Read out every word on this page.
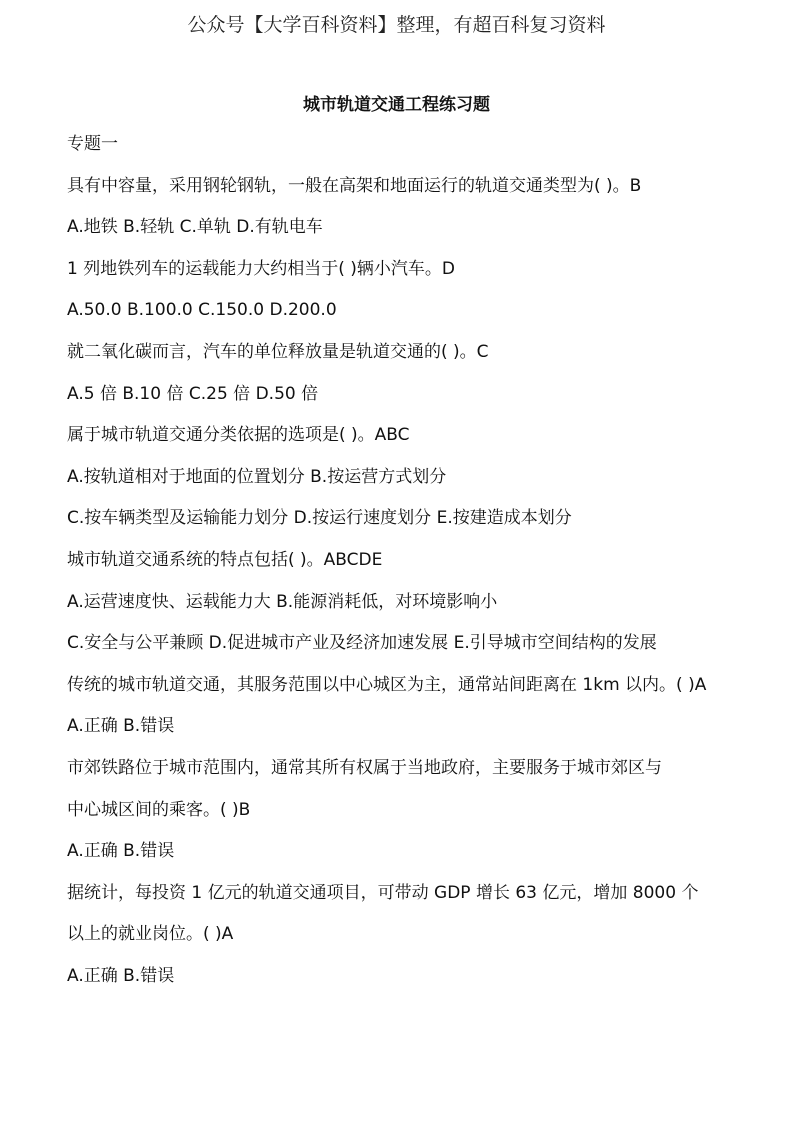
公众号【大学百科资料】整理，有超百科复习资料
城市轨道交通工程练习题
专题一
具有中容量，采用钢轮钢轨，一般在高架和地面运行的轨道交通类型为( )。B
A.地铁 B.轻轨 C.单轨 D.有轨电车
1 列地铁列车的运载能力大约相当于( )辆小汽车。D
A.50.0 B.100.0 C.150.0 D.200.0
就二氧化碳而言，汽车的单位释放量是轨道交通的( )。C
A.5 倍 B.10 倍 C.25 倍 D.50 倍
属于城市轨道交通分类依据的选项是( )。ABC
A.按轨道相对于地面的位置划分 B.按运营方式划分
C.按车辆类型及运输能力划分 D.按运行速度划分 E.按建造成本划分
城市轨道交通系统的特点包括( )。ABCDE
A.运营速度快、运载能力大 B.能源消耗低，对环境影响小
C.安全与公平兼顾 D.促进城市产业及经济加速发展 E.引导城市空间结构的发展
传统的城市轨道交通，其服务范围以中心城区为主，通常站间距离在 1km 以内。( )A
A.正确 B.错误
市郊铁路位于城市范围内，通常其所有权属于当地政府，主要服务于城市郊区与
中心城区间的乘客。( )B
A.正确 B.错误
据统计，每投资 1 亿元的轨道交通项目，可带动 GDP 增长 63 亿元，增加 8000 个
以上的就业岗位。( )A
A.正确 B.错误
